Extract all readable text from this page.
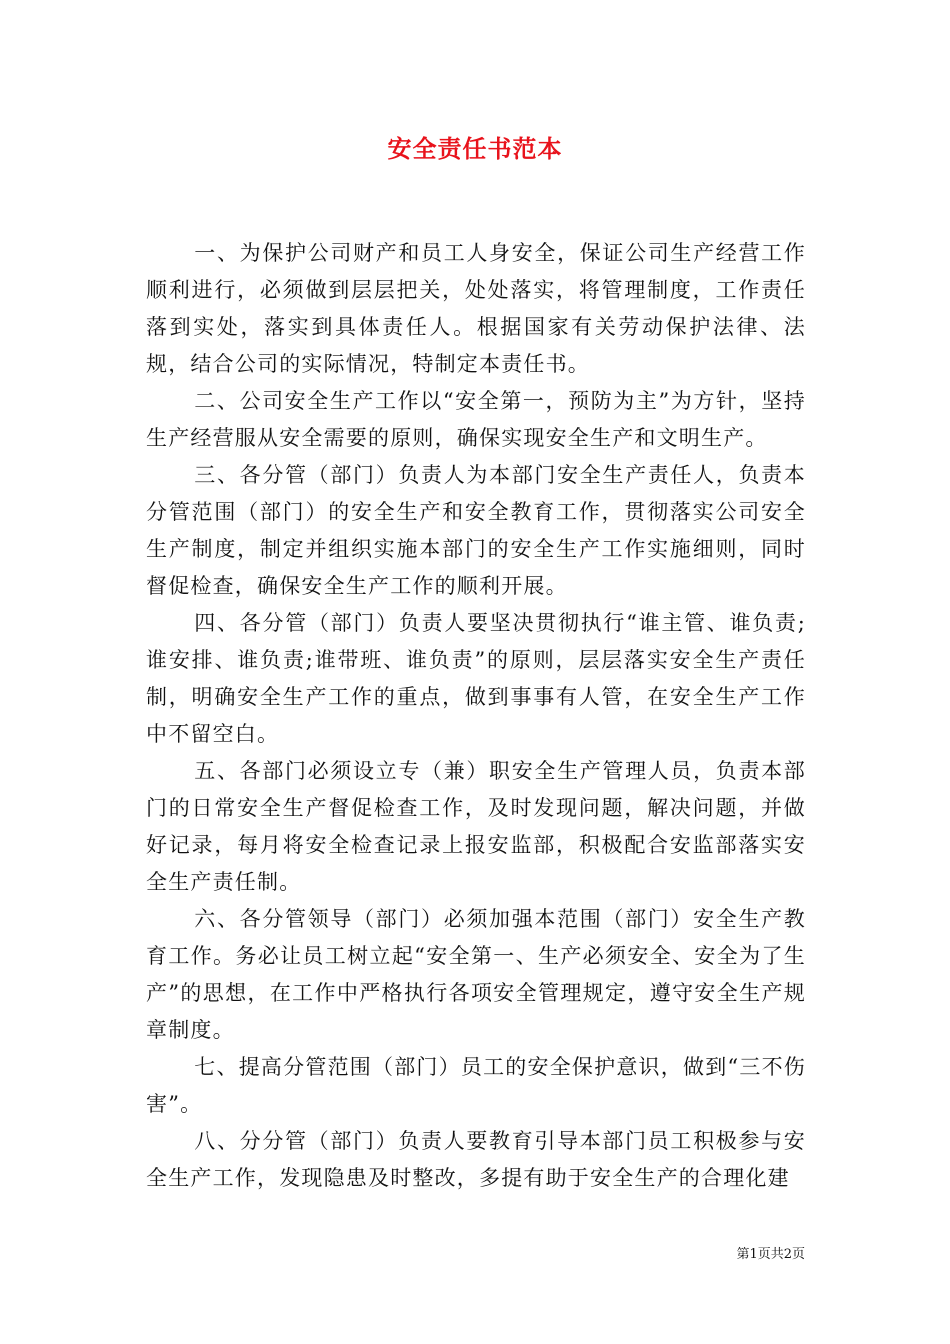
安全责任书范本

一、为保护公司财产和员工人身安全，保证公司生产经营工作顺利进行，必须做到层层把关，处处落实，将管理制度，工作责任落到实处，落实到具体责任人。根据国家有关劳动保护法律、法规，结合公司的实际情况，特制定本责任书。

二、公司安全生产工作以“安全第一，预防为主”为方针，坚持生产经营服从安全需要的原则，确保实现安全生产和文明生产。

三、各分管（部门）负责人为本部门安全生产责任人，负责本分管范围（部门）的安全生产和安全教育工作，贯彻落实公司安全生产制度，制定并组织实施本部门的安全生产工作实施细则，同时督促检查，确保安全生产工作的顺利开展。

四、各分管（部门）负责人要坚决贯彻执行“谁主管、谁负责;谁安排、谁负责;谁带班、谁负责”的原则，层层落实安全生产责任制，明确安全生产工作的重点，做到事事有人管，在安全生产工作中不留空白。

五、各部门必须设立专（兼）职安全生产管理人员，负责本部门的日常安全生产督促检查工作，及时发现问题，解决问题，并做好记录，每月将安全检查记录上报安监部，积极配合安监部落实安全生产责任制。

六、各分管领导（部门）必须加强本范围（部门）安全生产教育工作。务必让员工树立起“安全第一、生产必须安全、安全为了生产”的思想，在工作中严格执行各项安全管理规定，遵守安全生产规章制度。

七、提高分管范围（部门）员工的安全保护意识，做到“三不伤害”。

八、分分管（部门）负责人要教育引导本部门员工积极参与安全生产工作，发现隐患及时整改，多提有助于安全生产的合理化建

第1页共2页
